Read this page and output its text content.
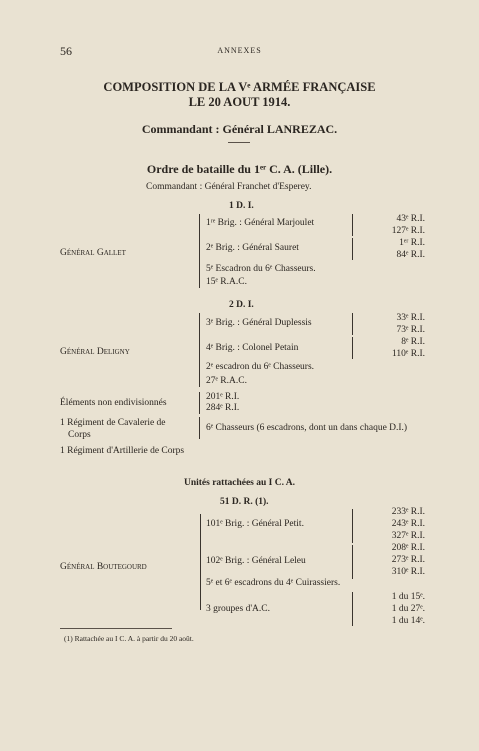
56	ANNEXES
COMPOSITION DE LA Vᵉ ARMÉE FRANÇAISE
LE 20 AOUT 1914.
Commandant : Général LANREZAC.
Ordre de bataille du 1ᵉʳ C. A. (Lille).
Commandant : Général Franchet d'Esperey.
1 D. I.
1ʳᵉ Brig. : Général Marjoulet
Général Gallet
43ᵉ R.I.
127ᵉ R.I.
2ᵉ Brig. : Général Sauret	1ᵉʳ R.I.
84ᵉ R.I.
5ᵉ Escadron du 6ᵉ Chasseurs.
15ᵉ R.A.C.
2 D. I.
3ᵉ Brig. : Général Duplessis
Général Deligny
33ᵉ R.I.
73ᵉ R.I.
4ᵉ Brig. : Colonel Petain
8ᵉ R.I.
110ᵉ R.I.
2ᵉ escadron du 6ᵉ Chasseurs.
27ᵉ R.A.C.
Éléments non endivisionnés
201ᵉ R.I.
284ᵉ R.I.
1 Régiment de Cavalerie de
Corps
6ᵉ Chasseurs (6 escadrons, dont un dans chaque D.I.)
1 Régiment d'Artillerie de Corps
Unités rattachées au I C. A.
51 D. R. (1).
101ᵉ Brig. : Général Petit.
233ᵉ R.I.
243ᵉ R.I.
327ᵉ R.I.
Général Boutegourd
102ᵉ Brig. : Général Leleu
208ᵉ R.I.
273ᵉ R.I.
310ᵉ R.I.
5ᵉ et 6ᵉ escadrons du 4ᵉ Cuirassiers.
3 groupes d'A.C.
1 du 15ᵉ.
1 du 27ᵉ.
1 du 14ᵉ.
(1) Rattachée au I C. A. à partir du 20 août.
